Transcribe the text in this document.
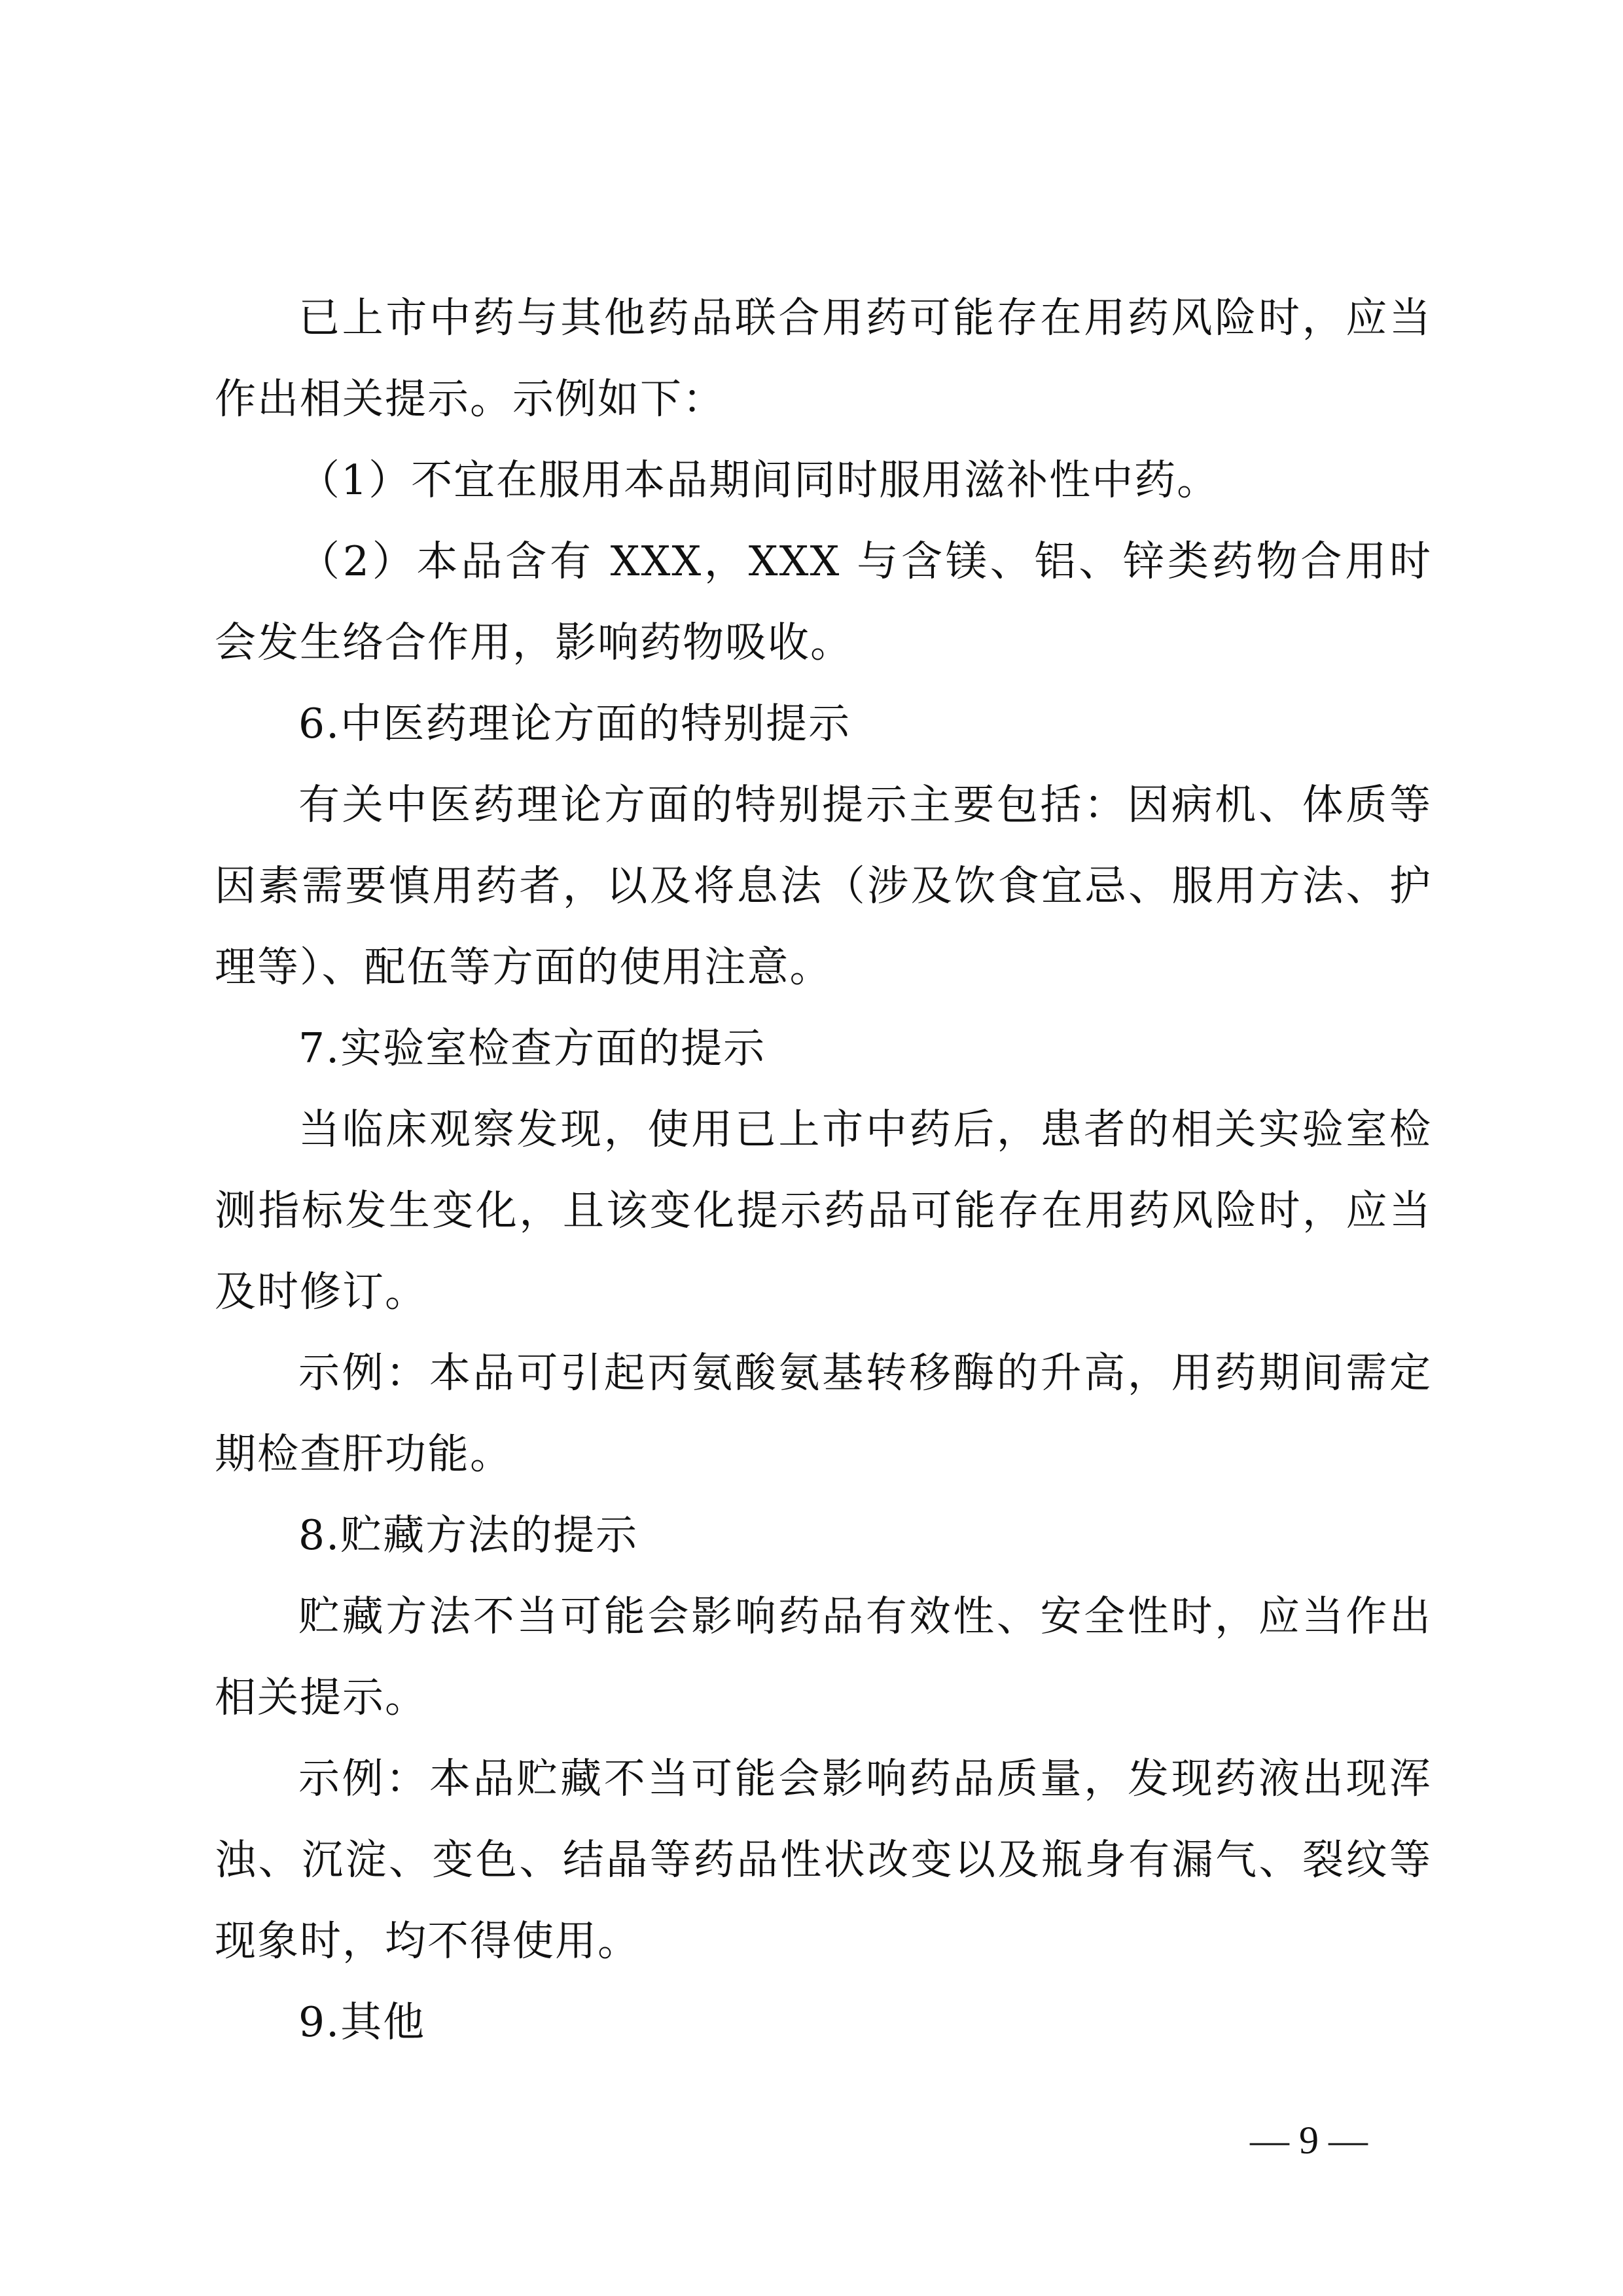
已上市中药与其他药品联合用药可能存在用药风险时，应当
作出相关提示。示例如下：
（1）不宜在服用本品期间同时服用滋补性中药。
（2）本品含有 XXX，XXX 与含镁、铝、锌类药物合用时
会发生络合作用，影响药物吸收。
6.中医药理论方面的特别提示
有关中医药理论方面的特别提示主要包括：因病机、体质等
因素需要慎用药者，以及将息法（涉及饮食宜忌、服用方法、护
理等）、配伍等方面的使用注意。
7.实验室检查方面的提示
当临床观察发现，使用已上市中药后，患者的相关实验室检
测指标发生变化，且该变化提示药品可能存在用药风险时，应当
及时修订。
示例：本品可引起丙氨酸氨基转移酶的升高，用药期间需定
期检查肝功能。
8.贮藏方法的提示
贮藏方法不当可能会影响药品有效性、安全性时，应当作出
相关提示。
示例：本品贮藏不当可能会影响药品质量，发现药液出现浑
浊、沉淀、变色、结晶等药品性状改变以及瓶身有漏气、裂纹等
现象时，均不得使用。
9.其他
— 9 —
